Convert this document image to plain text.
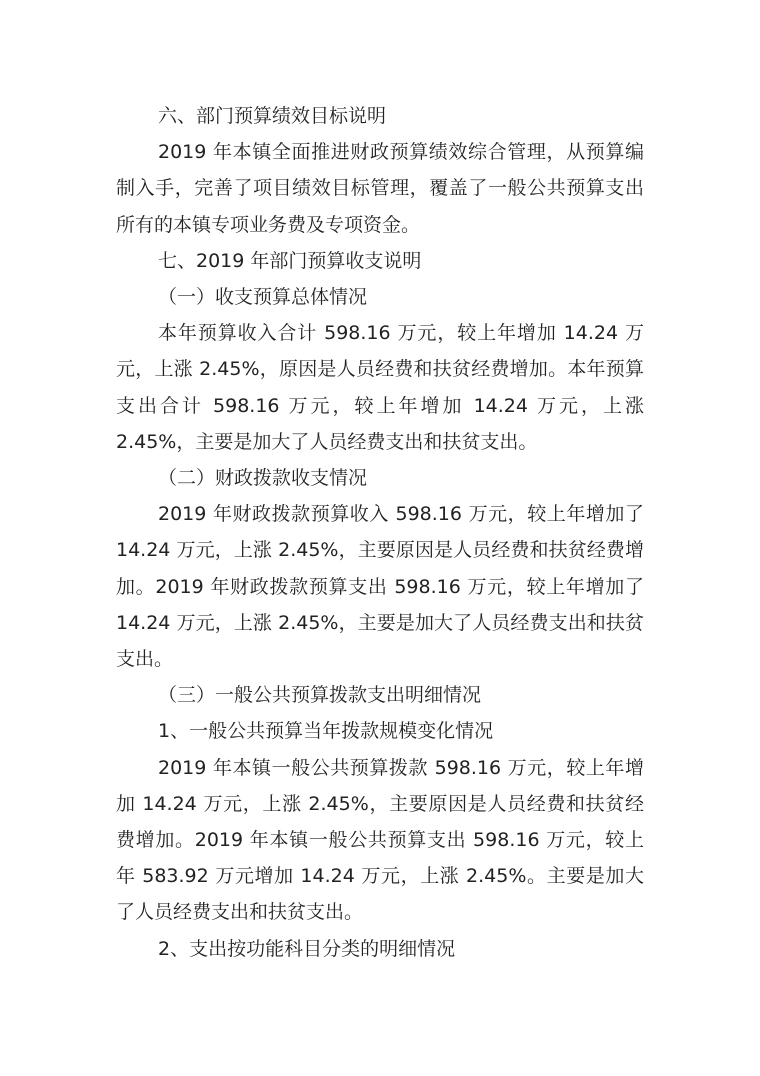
六、部门预算绩效目标说明

2019 年本镇全面推进财政预算绩效综合管理，从预算编制入手，完善了项目绩效目标管理，覆盖了一般公共预算支出所有的本镇专项业务费及专项资金。

七、2019 年部门预算收支说明

（一）收支预算总体情况

本年预算收入合计 598.16 万元，较上年增加 14.24 万元，上涨 2.45%，原因是人员经费和扶贫经费增加。本年预算支出合计 598.16 万元，较上年增加 14.24 万元，上涨 2.45%，主要是加大了人员经费支出和扶贫支出。

（二）财政拨款收支情况

2019 年财政拨款预算收入 598.16 万元，较上年增加了 14.24 万元，上涨 2.45%，主要原因是人员经费和扶贫经费增加。2019 年财政拨款预算支出 598.16 万元，较上年增加了 14.24 万元，上涨 2.45%，主要是加大了人员经费支出和扶贫支出。

（三）一般公共预算拨款支出明细情况

1、一般公共预算当年拨款规模变化情况

2019 年本镇一般公共预算拨款 598.16 万元，较上年增加 14.24 万元，上涨 2.45%，主要原因是人员经费和扶贫经费增加。2019 年本镇一般公共预算支出 598.16 万元，较上年 583.92 万元增加 14.24 万元，上涨 2.45%。主要是加大了人员经费支出和扶贫支出。

2、支出按功能科目分类的明细情况
